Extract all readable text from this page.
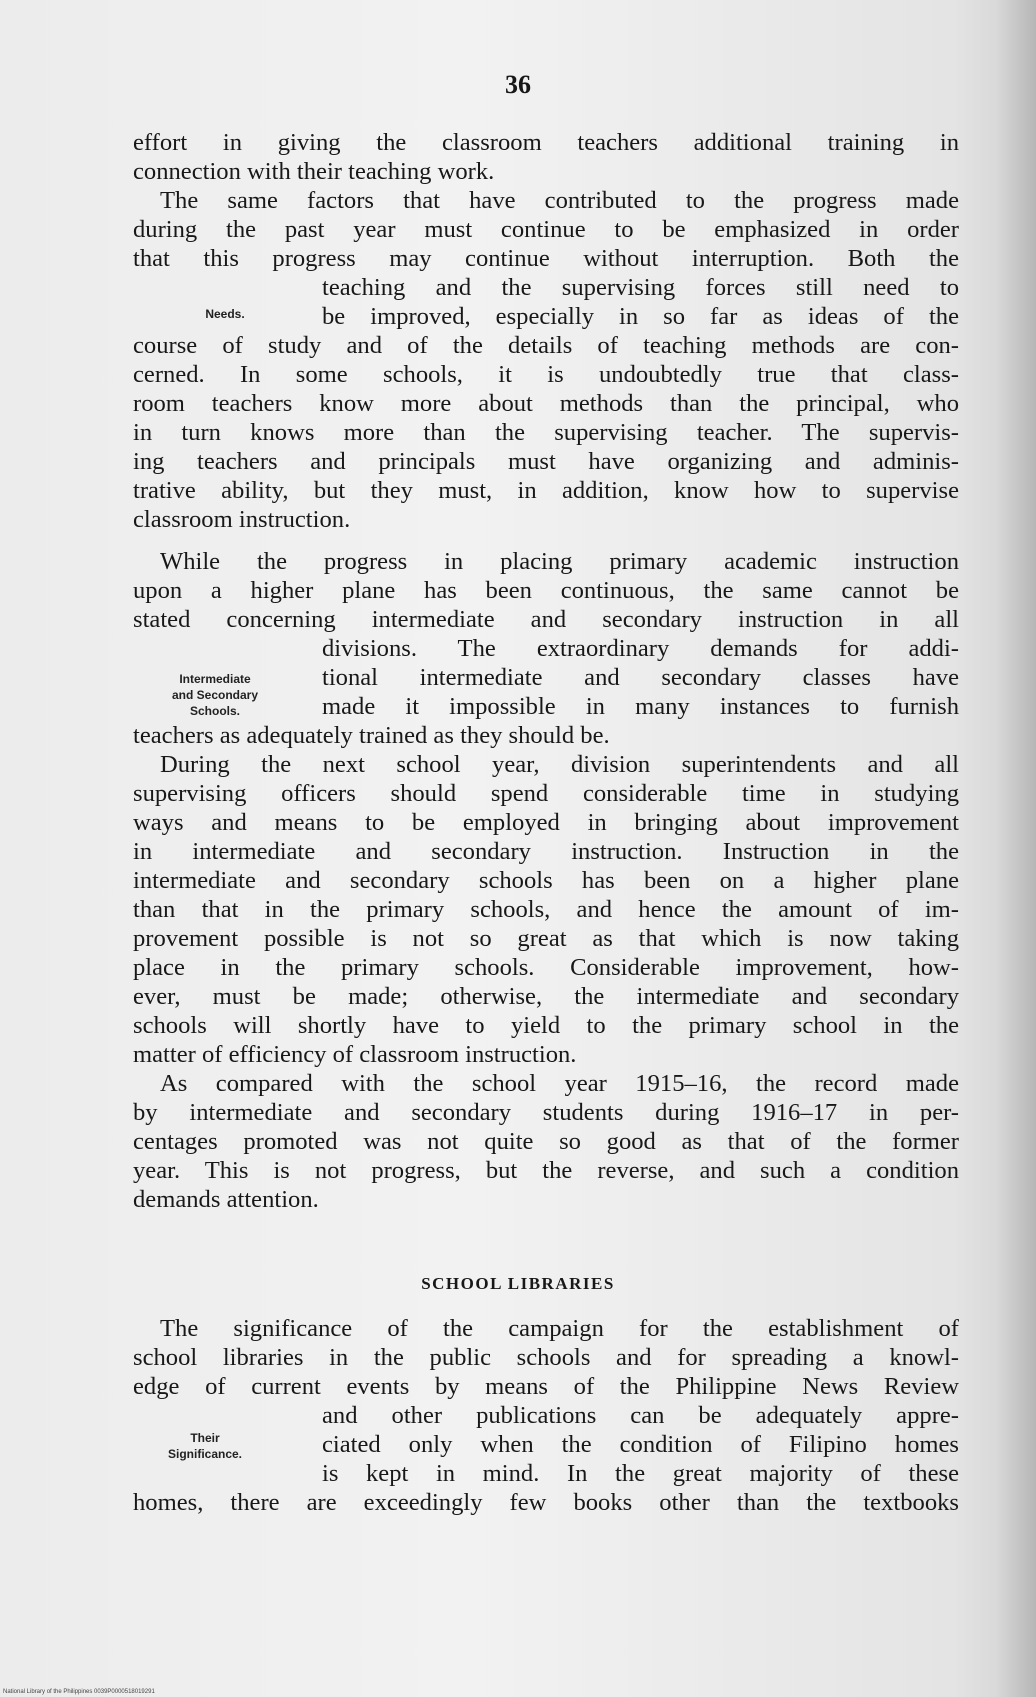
36
effort in giving the classroom teachers additional training in
connection with their teaching work.
The same factors that have contributed to the progress made
during the past year must continue to be emphasized in order
that this progress may continue without interruption. Both the
teaching and the supervising forces still need to
be improved, especially in so far as ideas of the
course of study and of the details of teaching methods are con-
cerned. In some schools, it is undoubtedly true that class-
room teachers know more about methods than the principal, who
in turn knows more than the supervising teacher. The supervis-
ing teachers and principals must have organizing and adminis-
trative ability, but they must, in addition, know how to supervise
classroom instruction.
While the progress in placing primary academic instruction
upon a higher plane has been continuous, the same cannot be
stated concerning intermediate and secondary instruction in all
divisions. The extraordinary demands for addi-
tional intermediate and secondary classes have
made it impossible in many instances to furnish
teachers as adequately trained as they should be.
During the next school year, division superintendents and all
supervising officers should spend considerable time in studying
ways and means to be employed in bringing about improvement
in intermediate and secondary instruction. Instruction in the
intermediate and secondary schools has been on a higher plane
than that in the primary schools, and hence the amount of im-
provement possible is not so great as that which is now taking
place in the primary schools. Considerable improvement, how-
ever, must be made; otherwise, the intermediate and secondary
schools will shortly have to yield to the primary school in the
matter of efficiency of classroom instruction.
As compared with the school year 1915–16, the record made
by intermediate and secondary students during 1916–17 in per-
centages promoted was not quite so good as that of the former
year. This is not progress, but the reverse, and such a condition
demands attention.
The significance of the campaign for the establishment of
school libraries in the public schools and for spreading a knowl-
edge of current events by means of the Philippine News Review
and other publications can be adequately appre-
ciated only when the condition of Filipino homes
is kept in mind. In the great majority of these
homes, there are exceedingly few books other than the textbooks
Needs.
Intermediate
and Secondary
Schools.
SCHOOL LIBRARIES
Their
Significance.
National Library of the Philippines 0039P0000518019291
